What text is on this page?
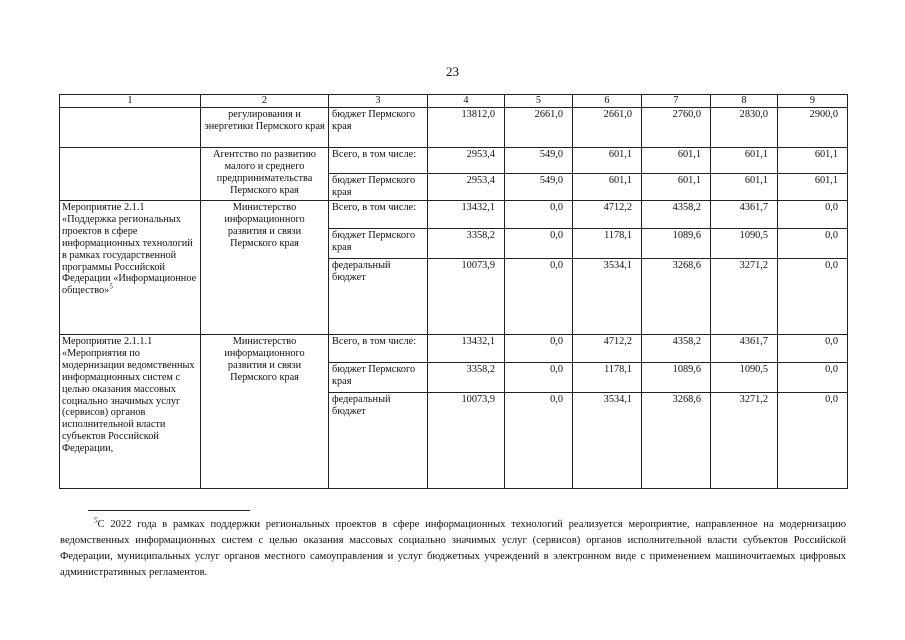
23
1	2	3	4	5	6	7	8	9
	регулирования и энергетики Пермского края	бюджет Пермского края	13812,0	2661,0	2661,0	2760,0	2830,0	2900,0
	Агентство по развитию малого и среднего предпринимательства Пермского края	Всего, в том числе:	2953,4	549,0	601,1	601,1	601,1	601,1
		бюджет Пермского края	2953,4	549,0	601,1	601,1	601,1	601,1
Мероприятие 2.1.1 «Поддержка региональных проектов в сфере информационных технологий в рамках государственной программы Российской Федерации «Информационное общество»$^5$	Министерство информационного развития и связи Пермского края	Всего, в том числе:	13432,1	0,0	4712,2	4358,2	4361,7	0,0
		бюджет Пермского края	3358,2	0,0	1178,1	1089,6	1090,5	0,0
		федеральный бюджет	10073,9	0,0	3534,1	3268,6	3271,2	0,0
Мероприятие 2.1.1.1 «Мероприятия по модернизации ведомственных информационных систем с целью оказания массовых социально значимых услуг (сервисов) органов исполнительной власти субъектов Российской Федерации,	Министерство информационного развития и связи Пермского края	Всего, в том числе:	13432,1	0,0	4712,2	4358,2	4361,7	0,0
		бюджет Пермского края	3358,2	0,0	1178,1	1089,6	1090,5	0,0
		федеральный бюджет	10073,9	0,0	3534,1	3268,6	3271,2	0,0
$^5$С 2022 года в рамках поддержки региональных проектов в сфере информационных технологий реализуется мероприятие, направленное на модернизацию ведомственных информационных систем с целью оказания массовых социально значимых услуг (сервисов) органов исполнительной власти субъектов Российской Федерации, муниципальных услуг органов местного самоуправления и услуг бюджетных учреждений в электронном виде с применением машиночитаемых цифровых административных регламентов.
